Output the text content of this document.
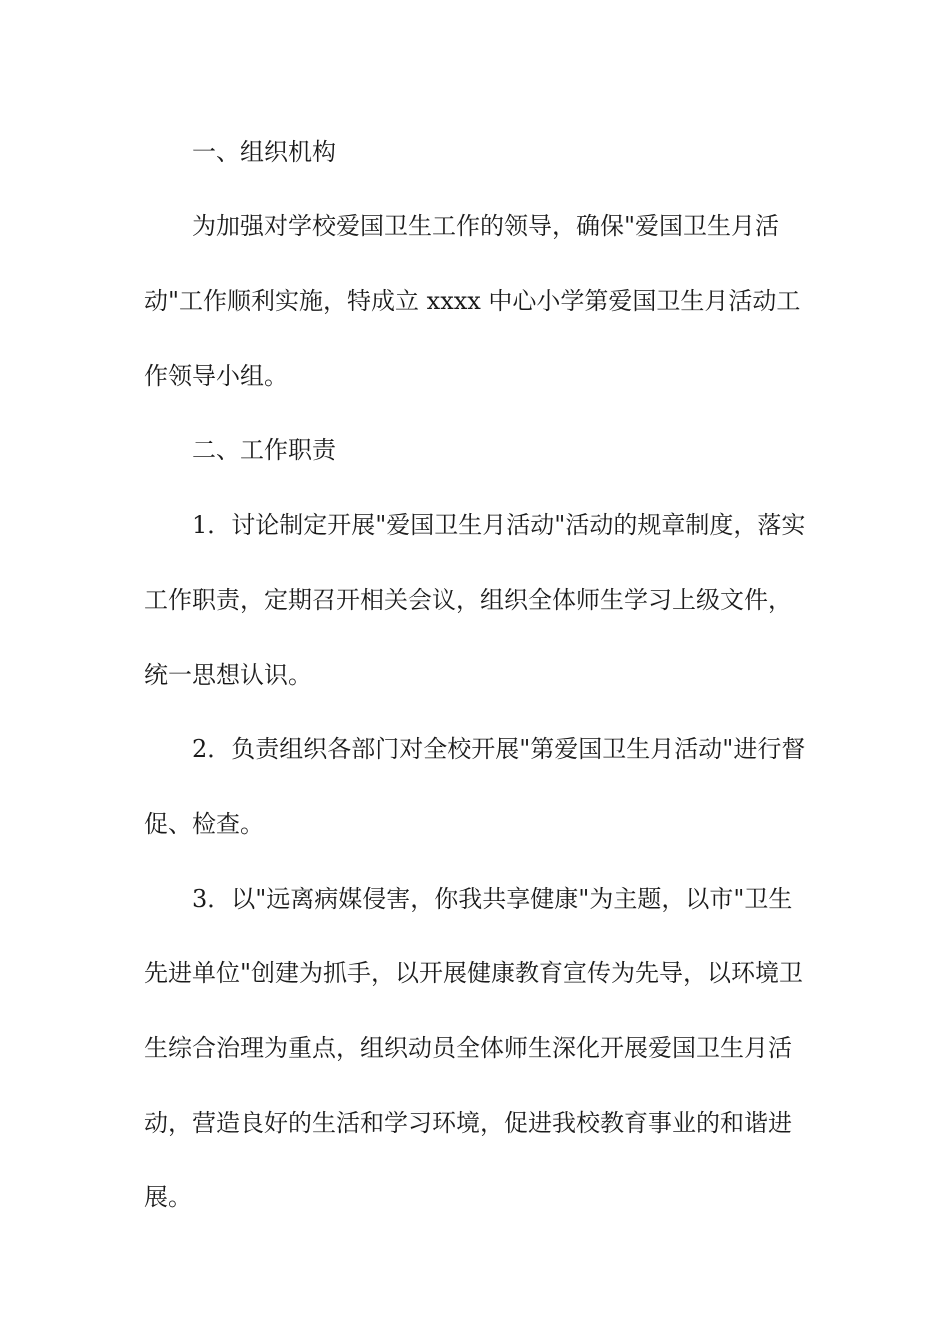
一、组织机构
为加强对学校爱国卫生工作的领导，确保"爱国卫生月活
动"工作顺利实施，特成立 xxxx 中心小学第爱国卫生月活动工
作领导小组。
二、工作职责
1．讨论制定开展"爱国卫生月活动"活动的规章制度，落实
工作职责，定期召开相关会议，组织全体师生学习上级文件，
统一思想认识。
2．负责组织各部门对全校开展"第爱国卫生月活动"进行督
促、检查。
3．以"远离病媒侵害，你我共享健康"为主题，以市"卫生
先进单位"创建为抓手，以开展健康教育宣传为先导，以环境卫
生综合治理为重点，组织动员全体师生深化开展爱国卫生月活
动，营造良好的生活和学习环境，促进我校教育事业的和谐进
展。
